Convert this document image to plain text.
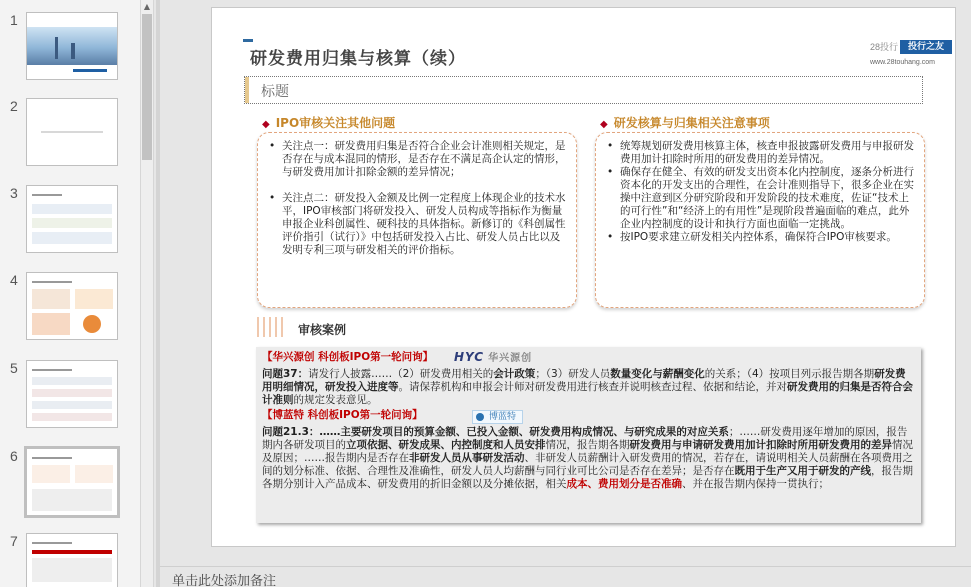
1
2
3
4
5
6
7
▲
研发费用归集与核算（续）
28投行	投行之友
www.28touhang.com
标题
◆ IPO审核关注其他问题	◆ 研发核算与归集相关注意事项
• 关注点一：研发费用归集是否符合企业会计准则相关规定，是否存在与成本混同的情形，是否存在不满足高企认定的情形，与研发费用加计扣除金额的差异情况；
• 关注点二：研发投入金额及比例一定程度上体现企业的技术水平，IPO审核部门将研发投入、研发人员构成等指标作为衡量申报企业科创属性、硬科技的具体指标。新修订的《科创属性评价指引（试行）》中包括研发投入占比、研发人员占比以及发明专利三项与研发相关的评价指标。
• 统筹规划研发费用核算主体，核查申报披露研发费用与申报研发费用加计扣除时所用的研发费用的差异情况。
• 确保存在健全、有效的研发支出资本化内控制度，逐条分析进行资本化的开发支出的合理性，在会计准则指导下，很多企业在实操中注意到区分研究阶段和开发阶段的技术难度，佐证“技术上的可行性”和“经济上的有用性”是现阶段普遍面临的难点，此外企业内控制度的设计和执行方面也面临一定挑战。
• 按IPO要求建立研发相关内控体系，确保符合IPO审核要求。
审核案例
【华兴源创 科创板IPO第一轮问询】 HYC 华兴源创
问题37：请发行人披露……（2）研发费用相关的会计政策；（3）研发人员数量变化与薪酬变化的关系；（4）按项目列示报告期各期研发费用明细情况，研发投入进度等。请保荐机构和申报会计师对研发费用进行核查并说明核查过程、依据和结论，并对研发费用的归集是否符合会计准则的规定发表意见。
【博蓝特 科创板IPO第一轮问询】	博蓝特
问题21.3：……主要研发项目的预算金额、已投入金额、研发费用构成情况、与研究成果的对应关系；……研发费用逐年增加的原因，报告期内各研发项目的立项依据、研发成果、内控制度和人员安排情况，报告期各期研发费用与申请研发费用加计扣除时所用研发费用的差异情况及原因；……报告期内是否存在非研发人员从事研发活动、非研发人员薪酬计入研发费用的情况，若存在，请说明相关人员薪酬在各项费用之间的划分标准、依据、合理性及准确性，研发人员人均薪酬与同行业可比公司是否存在差异；是否存在既用于生产又用于研发的产线，报告期各期分别计入产品成本、研发费用的折旧金额以及分摊依据，相关成本、费用划分是否准确、并在报告期内保持一贯执行；
单击此处添加备注
